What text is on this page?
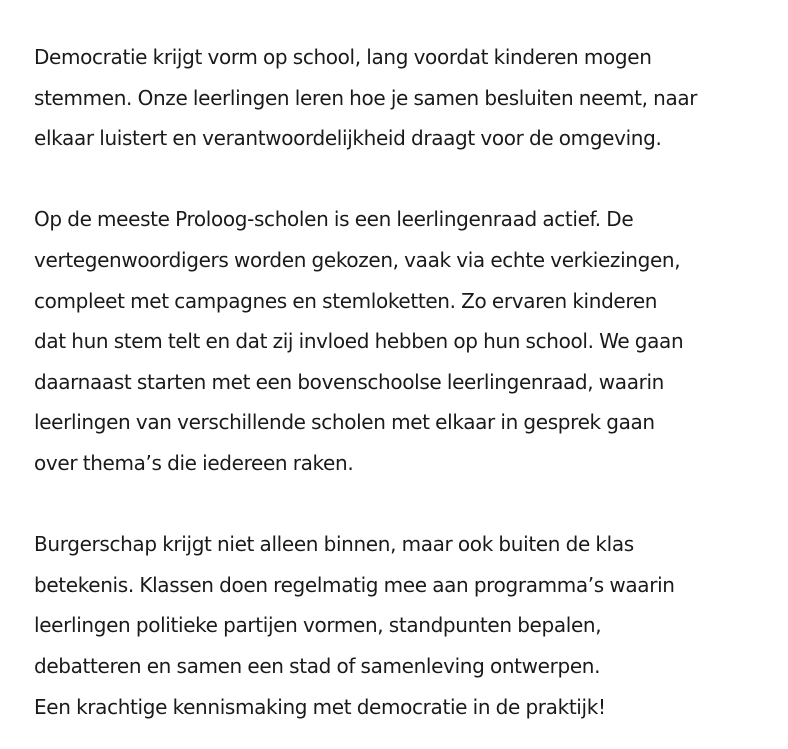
Democratie krijgt vorm op school, lang voordat kinderen mogen
stemmen. Onze leerlingen leren hoe je samen besluiten neemt, naar
elkaar luistert en verantwoordelijkheid draagt voor de omgeving.

Op de meeste Proloog-scholen is een leerlingenraad actief. De
vertegenwoordigers worden gekozen, vaak via echte verkiezingen,
compleet met campagnes en stemloketten. Zo ervaren kinderen
dat hun stem telt en dat zij invloed hebben op hun school. We gaan
daarnaast starten met een bovenschoolse leerlingenraad, waarin
leerlingen van verschillende scholen met elkaar in gesprek gaan
over thema’s die iedereen raken.

Burgerschap krijgt niet alleen binnen, maar ook buiten de klas
betekenis. Klassen doen regelmatig mee aan programma’s waarin
leerlingen politieke partijen vormen, standpunten bepalen,
debatteren en samen een stad of samenleving ontwerpen.
Een krachtige kennismaking met democratie in de praktijk!
